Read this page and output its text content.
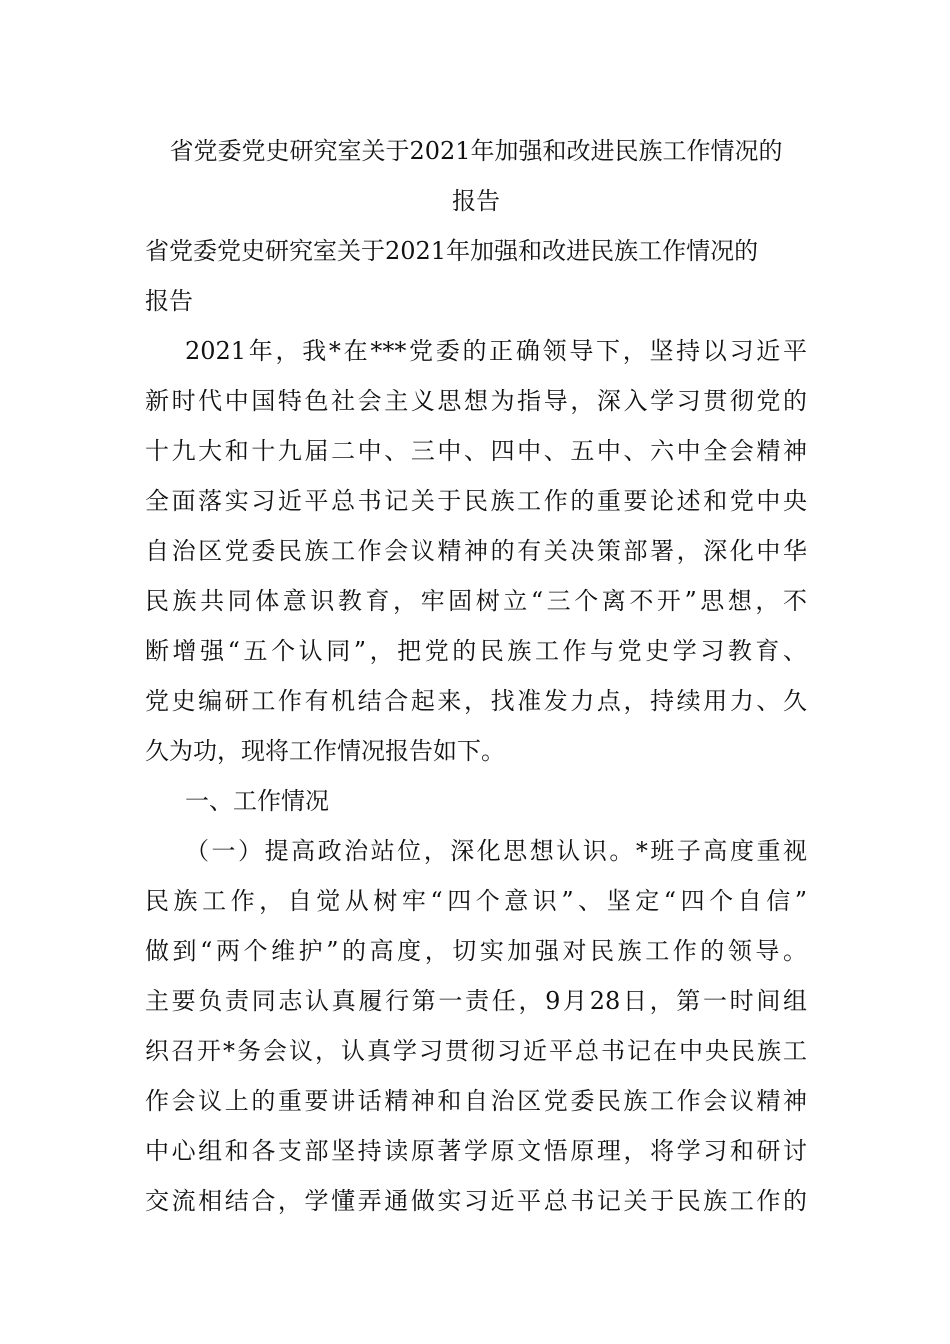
省党委党史研究室关于2021年加强和改进民族工作情况的
报告
省党委党史研究室关于2021年加强和改进民族工作情况的
报告
2021年，我*在***党委的正确领导下，坚持以习近平
新时代中国特色社会主义思想为指导，深入学习贯彻党的
十九大和十九届二中、三中、四中、五中、六中全会精神
全面落实习近平总书记关于民族工作的重要论述和党中央
自治区党委民族工作会议精神的有关决策部署，深化中华
民族共同体意识教育，牢固树立“三个离不开”思想，不
断增强“五个认同”，把党的民族工作与党史学习教育、
党史编研工作有机结合起来，找准发力点，持续用力、久
久为功，现将工作情况报告如下。
一、工作情况
（一）提高政治站位，深化思想认识。*班子高度重视
民族工作，自觉从树牢“四个意识”、坚定“四个自信”
做到“两个维护”的高度，切实加强对民族工作的领导。
主要负责同志认真履行第一责任，9月28日，第一时间组
织召开*务会议，认真学习贯彻习近平总书记在中央民族工
作会议上的重要讲话精神和自治区党委民族工作会议精神
中心组和各支部坚持读原著学原文悟原理，将学习和研讨
交流相结合，学懂弄通做实习近平总书记关于民族工作的
